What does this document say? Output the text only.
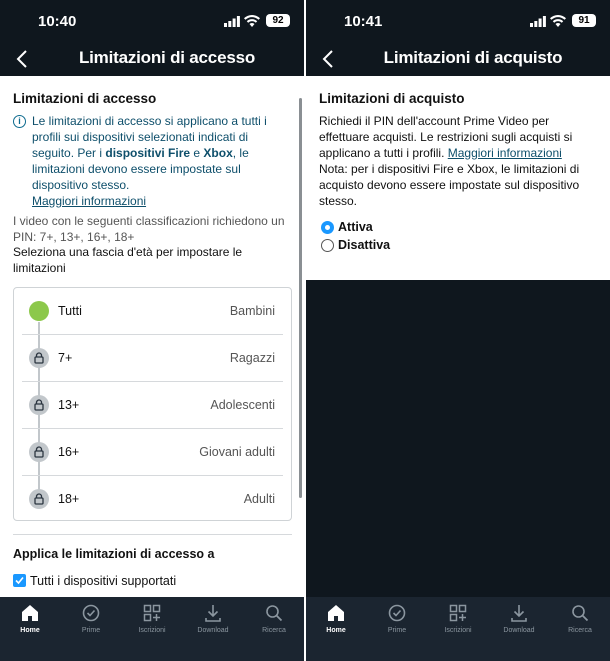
10:40	92
Limitazioni di accesso
Limitazioni di accesso
i Le limitazioni di accesso si applicano a tutti i profili sui dispositivi selezionati indicati di seguito. Per i dispositivi Fire e Xbox, le limitazioni devono essere impostate sul dispositivo stesso.
Maggiori informazioni
I video con le seguenti classificazioni richiedono un PIN: 7+, 13+, 16+, 18+
Seleziona una fascia d'età per impostare le limitazioni
Tutti	Bambini
7+	Ragazzi
13+	Adolescenti
16+	Giovani adulti
18+	Adulti
Applica le limitazioni di accesso a
Tutti i dispositivi supportati
Home	Prime	Iscrizioni	Download	Ricerca
10:41	91
Limitazioni di acquisto
Limitazioni di acquisto
Richiedi il PIN dell'account Prime Video per effettuare acquisti. Le restrizioni sugli acquisti si applicano a tutti i profili. Maggiori informazioni
Nota: per i dispositivi Fire e Xbox, le limitazioni di acquisto devono essere impostate sul dispositivo stesso.
Attiva
Disattiva
Home	Prime	Iscrizioni	Download	Ricerca
